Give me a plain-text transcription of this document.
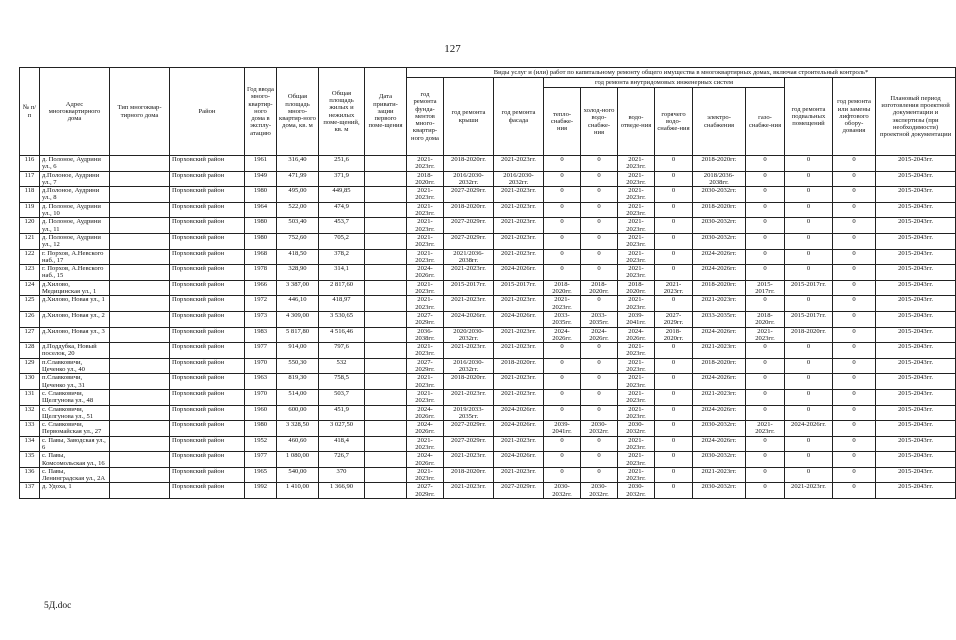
127
№ п/п	Адрес многоквартирного дома	Тип многоквар-тирного дома	Район	Год ввода много-квартир-ного дома в эксплу-атацию	Общая площадь много-квартир-ного дома, кв. м	Общая площадь жилых и нежилых поме-щений, кв. м	Дата привати-зации первого поме-щения	Виды услуг и (или) работ по капитальному ремонту общего имущества в многоквартирных домах, включая строительный контроль*											
								год ремонта фунда-ментов много-квартир-ного дома	год ремонта крыши	год ремонта фасада	год ремонта внутридомовых инженерных систем						год ремонта подвальных помещений	год ремонта или замены лифтового обору-дования	Плановый период изготовления проектной документации и экспертизы (при необходимости) проектной документации
											тепло-снабже-ния	холод-ного водо-снабже-ния	водо-отведе-ния	горячего водо-снабже-ния	электро-снабжения	газо-снабже-ния			
116	д. Полоное, Аудрини ул., 6		Порховский район	1961	316,40	251,6		2021-2023гг.	2018-2020гг.	2021-2023гг.	0	0	2021-2023гг.	0	2018-2020гг.	0	0	0	2015-2043гг.
117	д.Полоное, Аудрини ул., 7		Порховский район	1949	471,99	371,9		2018-2020гг.	2016/2030-2032гг.	2016/2030-2032гг.	0	0	2021-2023гг.	0	2018/2036-2038гг.	0	0	0	2015-2043гг.
118	д.Полоное, Аудрини ул., 8		Порховский район	1980	495,00	449,85		2021-2023гг.	2027-2029гг.	2021-2023гг.	0	0	2021-2023гг.	0	2030-2032гг.	0	0	0	2015-2043гг.
119	д. Полоное, Аудрини ул., 10		Порховский район	1964	522,00	474,9		2021-2023гг.	2018-2020гг.	2021-2023гг.	0	0	2021-2023гг.	0	2018-2020гг.	0	0	0	2015-2043гг.
120	д. Полоное, Аудрини ул., 11		Порховский район	1980	503,40	453,7		2021-2023гг.	2027-2029гг.	2021-2023гг.	0	0	2021-2023гг.	0	2030-2032гг.	0	0	0	2015-2043гг.
121	д. Полоное, Аудрини ул., 12		Порховский район	1980	752,60	705,2		2021-2023гг.	2027-2029гг.	2021-2023гг.	0	0	2021-2023гг.	0	2030-2032гг.	0	0	0	2015-2043гг.
122	г. Порхов, А.Невского наб., 17		Порховский район	1968	418,50	378,2		2021-2023гг.	2021/2036-2038гг.	2021-2023гг.	0	0	2021-2023гг.	0	2024-2026гг.	0	0	0	2015-2043гг.
123	г. Порхов, А.Невского наб., 15		Порховский район	1978	328,90	314,1		2024-2026гг.	2021-2023гг.	2024-2026гг.	0	0	2021-2023гг.	0	2024-2026гг.	0	0	0	2015-2043гг.
124	д.Хилово, Медицинская ул., 1		Порховский район	1966	3 387,00	2 817,60		2021-2023гг.	2015-2017гг.	2015-2017гг.	2018-2020гг.	2018-2020гг.	2018-2020гг.	2021-2023гг.	2018-2020гг.	2015-2017гг.	2015-2017гг.	0	2015-2043гг.
125	д.Хилово, Новая ул., 1		Порховский район	1972	446,10	418,97		2021-2023гг.	2021-2023гг.	2021-2023гг.	2021-2023гг.	0	2021-2023гг.	0	2021-2023гг.	0	0	0	2015-2043гг.
126	д.Хилово, Новая ул., 2		Порховский район	1973	4 309,00	3 530,65		2027-2029гг.	2024-2026гг.	2024-2026гг.	2033-2035гг.	2033-2035гг.	2039-2041гг.	2027-2029гг.	2033-2035гг.	2018-2020гг.	2015-2017гг.	0	2015-2043гг.
127	д.Хилово, Новая ул., 3		Порховский район	1983	5 817,80	4 516,46		2036-2038гг.	2020/2030-2032гг.	2021-2023гг.	2024-2026гг.	2024-2026гг.	2024-2026гг.	2018-2020гг.	2024-2026гг.	2021-2023гг.	2018-2020гг.	0	2015-2043гг.
128	д.Поддубка, Новый поселок, 20		Порховский район	1977	914,00	797,6		2021-2023гг.	2021-2023гг.	2021-2023гг.	0	0	2021-2023гг.	0	2021-2023гг.	0	0	0	2015-2043гг.
129	п.Славковичи, Цеченко ул., 40		Порховский район	1970	550,30	532		2027-2029гг.	2016/2030-2032гг.	2018-2020гг.	0	0	2021-2023гг.	0	2018-2020гг.	0	0	0	2015-2043гг.
130	п.Славковичи, Цеченко ул., 31		Порховский район	1963	819,30	758,5		2021-2023гг.	2018-2020гг.	2021-2023гг.	0	0	2021-2023гг.	0	2024-2026гг.	0	0	0	2015-2043гг.
131	с. Славковичи, Щелгунова ул., 48		Порховский район	1970	514,00	503,7		2021-2023гг.	2021-2023гг.	2021-2023гг.	0	0	2021-2023гг.	0	2021-2023гг.	0	0	0	2015-2043гг.
132	с. Славковичи, Щелгунова ул., 51		Порховский район	1960	600,00	451,9		2024-2026гг.	2019/2033-2035гг.	2024-2026гг.	0	0	2021-2023гг.	0	2024-2026гг.	0	0	0	2015-2043гг.
133	с. Славковичи, Первомайская ул., 27		Порховский район	1980	3 328,50	3 027,50		2024-2026гг.	2027-2029гг.	2024-2026гг.	2039-2041гг.	2030-2032гг.	2030-2032гг.	0	2030-2032гг.	2021-2023гг.	2024-2026гг.	0	2015-2043гг.
134	с. Павы, Заводская ул., 6		Порховский район	1952	460,60	418,4		2021-2023гг.	2027-2029гг.	2021-2023гг.	0	0	2021-2023гг.	0	2024-2026гг.	0	0	0	2015-2043гг.
135	с. Павы, Комсомольская ул., 16		Порховский район	1977	1 080,00	726,7		2024-2026гг.	2021-2023гг.	2024-2026гг.	0	0	2021-2023гг.	0	2030-2032гг.	0	0	0	2015-2043гг.
136	с. Павы, Ленинградская ул., 2А		Порховский район	1965	540,00	370		2021-2023гг.	2018-2020гг.	2021-2023гг.	0	0	2021-2023гг.	0	2021-2023гг.	0	0	0	2015-2043гг.
137	д. Удоха, 1		Порховский район	1992	1 410,00	1 366,90		2027-2029гг.	2021-2023гг.	2027-2029гг.	2030-2032гг.	2030-2032гг.	2030-2032гг.	0	2030-2032гг.	0	2021-2023гг.	0	2015-2043гг.
5Д.doc
